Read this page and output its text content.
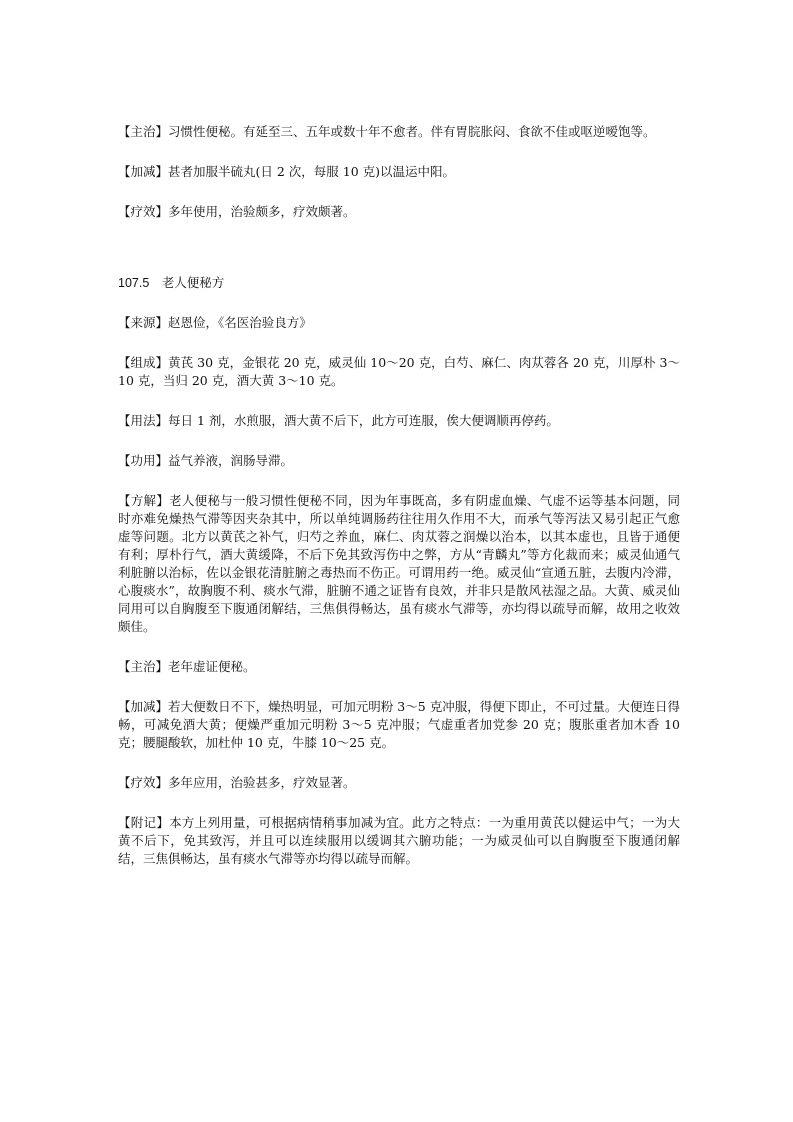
【主治】习惯性便秘。有延至三、五年或数十年不愈者。伴有胃脘胀闷、食欲不佳或呕逆嗳饱等。

【加减】甚者加服半硫丸(日 2 次，每服 10 克)以温运中阳。

【疗效】多年使用，治验颇多，疗效颇著。

107.5　老人便秘方

【来源】赵恩俭，《名医治验良方》

【组成】黄芪 30 克，金银花 20 克，威灵仙 10～20 克，白芍、麻仁、肉苁蓉各 20 克，川厚朴 3～10 克，当归 20 克，酒大黄 3～10 克。

【用法】每日 1 剂，水煎服，酒大黄不后下，此方可连服，俟大便调顺再停药。

【功用】益气养液，润肠导滞。

【方解】老人便秘与一般习惯性便秘不同，因为年事既高，多有阴虚血燥、气虚不运等基本问题，同时亦难免燥热气滞等因夹杂其中，所以单纯调肠药往往用久作用不大，而承气等泻法又易引起正气愈虚等问题。北方以黄芪之补气，归芍之养血，麻仁、肉苁蓉之润燥以治本，以其本虚也，且皆于通便有利；厚朴行气，酒大黄缓降，不后下免其致泻伤中之弊，方从“青麟丸”等方化裁而来；威灵仙通气利脏腑以治标，佐以金银花清脏腑之毒热而不伤正。可谓用药一绝。威灵仙“宣通五脏，去腹内冷滞，心腹痰水”，故胸腹不利、痰水气滞，脏腑不通之证皆有良效，并非只是散风祛湿之品。大黄、威灵仙同用可以自胸腹至下腹通闭解结，三焦俱得畅达，虽有痰水气滞等，亦均得以疏导而解，故用之收效颇佳。

【主治】老年虚证便秘。

【加减】若大便数日不下，燥热明显，可加元明粉 3～5 克冲服，得便下即止，不可过量。大便连日得畅，可减免酒大黄；便燥严重加元明粉 3～5 克冲服；气虚重者加党参 20 克；腹胀重者加木香 10 克；腰腿酸软，加杜仲 10 克，牛膝 10～25 克。

【疗效】多年应用，治验甚多，疗效显著。

【附记】本方上列用量，可根据病情稍事加减为宜。此方之特点：一为重用黄芪以健运中气；一为大黄不后下，免其致泻，并且可以连续服用以缓调其六腑功能；一为威灵仙可以自胸腹至下腹通闭解结，三焦俱畅达，虽有痰水气滞等亦均得以疏导而解。
